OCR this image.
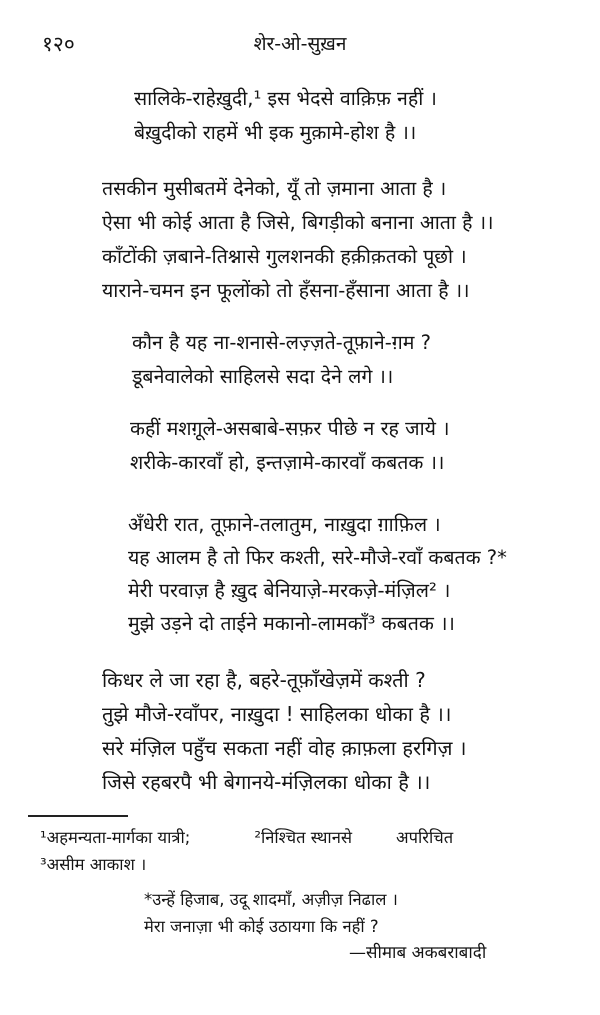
१२०	शेर-ओ-सुख़न
सालिके-राहेख़ुदी,¹ इस भेदसे वाक़िफ़ नहीं ।
बेख़ुदीको राहमें भी इक मुक़ामे-होश है ।।
तसकीन मुसीबतमें देनेको, यूँ तो ज़माना आता है ।
ऐसा भी कोई आता है जिसे, बिगड़ीको बनाना आता है ।।
काँटोंकी ज़बाने-तिश्नासे गुलशनकी हक़ीक़तको पूछो ।
याराने-चमन इन फूलोंको तो हँसना-हँसाना आता है ।।
कौन है यह ना-शनासे-लज़्ज़ते-तूफ़ाने-ग़म ?
डूबनेवालेको साहिलसे सदा देने लगे ।।
कहीं मशग़ूले-असबाबे-सफ़र पीछे न रह जाये ।
शरीके-कारवाँ हो, इन्तज़ामे-कारवाँ कबतक ।।
अँधेरी रात, तूफ़ाने-तलातुम, नाख़ुदा ग़ाफ़िल ।
यह आलम है तो फिर कश्ती, सरे-मौजे-रवाँ कबतक ?*
मेरी परवाज़ है ख़ुद बेनियाज़े-मरकज़े-मंज़िल² ।
मुझे उड़ने दो ताईने मकानो-लामकाँ³ कबतक ।।
किधर ले जा रहा है, बहरे-तूफ़ाँखेज़में कश्ती ?
तुझे मौजे-रवाँपर, नाख़ुदा ! साहिलका धोका है ।।
सरे मंज़िल पहुँच सकता नहीं वोह क़ाफ़ला हरगिज़ ।
जिसे रहबरपै भी बेगानये-मंज़िलका धोका है ।।
¹अहमन्यता-मार्गका यात्री;	²निश्चित स्थानसे	अपरिचित
³असीम आकाश ।
*उन्हें हिजाब, उदू शादमाँ, अज़ीज़ निढाल ।
मेरा जनाज़ा भी कोई उठायगा कि नहीं ?
—सीमाब अकबराबादी
